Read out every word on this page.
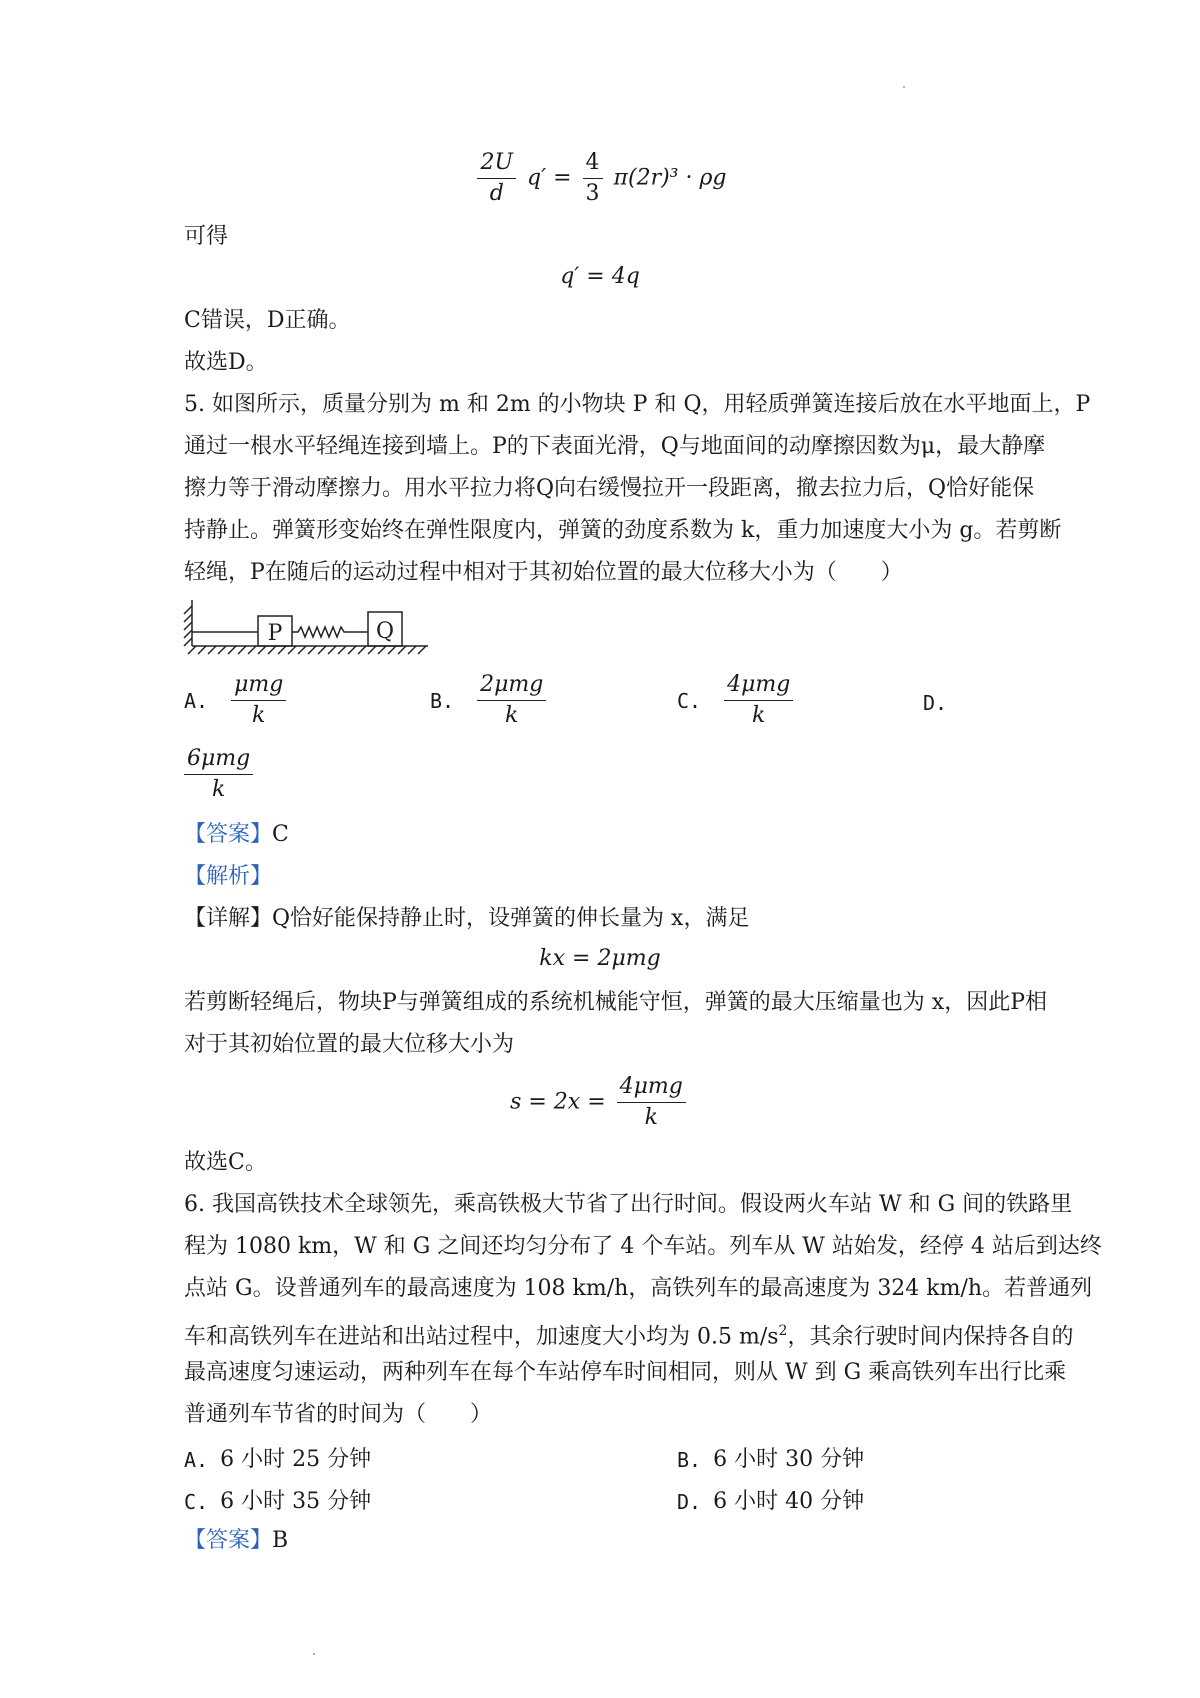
$\frac{2U}{d} q' = \frac{4}{3} \pi(2r)^3 \cdot \rho g$
可得
q′ = 4q
C错误，D正确。
故选D。
5. 如图所示，质量分别为 m 和 2m 的小物块 P 和 Q，用轻质弹簧连接后放在水平地面上，P
通过一根水平轻绳连接到墙上。P的下表面光滑，Q与地面间的动摩擦因数为μ，最大静摩
擦力等于滑动摩擦力。用水平拉力将Q向右缓慢拉开一段距离，撤去拉力后，Q恰好能保
持静止。弹簧形变始终在弹性限度内，弹簧的劲度系数为 k，重力加速度大小为 g。若剪断
轻绳，P在随后的运动过程中相对于其初始位置的最大位移大小为（　　）
P	Q
A. $\frac{\text{μmg}}{k}$	B. $\frac{\text{2μmg}}{k}$	C. $\frac{\text{4μmg}}{k}$	D.
$\frac{\text{6μmg}}{k}$
【答案】C
【解析】
【详解】Q恰好能保持静止时，设弹簧的伸长量为 x，满足
kx = 2μmg
若剪断轻绳后，物块P与弹簧组成的系统机械能守恒，弹簧的最大压缩量也为 x，因此P相
对于其初始位置的最大位移大小为
$s = 2x = \frac{\text{4μmg}}{k}$
故选C。
6. 我国高铁技术全球领先，乘高铁极大节省了出行时间。假设两火车站 W 和 G 间的铁路里
程为 1080 km，W 和 G 之间还均匀分布了 4 个车站。列车从 W 站始发，经停 4 站后到达终
点站 G。设普通列车的最高速度为 108 km/h，高铁列车的最高速度为 324 km/h。若普通列
车和高铁列车在进站和出站过程中，加速度大小均为 0.5 $m/s^2$，其余行驶时间内保持各自的
最高速度匀速运动，两种列车在每个车站停车时间相同，则从 W 到 G 乘高铁列车出行比乘
普通列车节省的时间为（　　）
A. 6 小时 25 分钟	B. 6 小时 30 分钟
C. 6 小时 35 分钟	D. 6 小时 40 分钟
【答案】B
